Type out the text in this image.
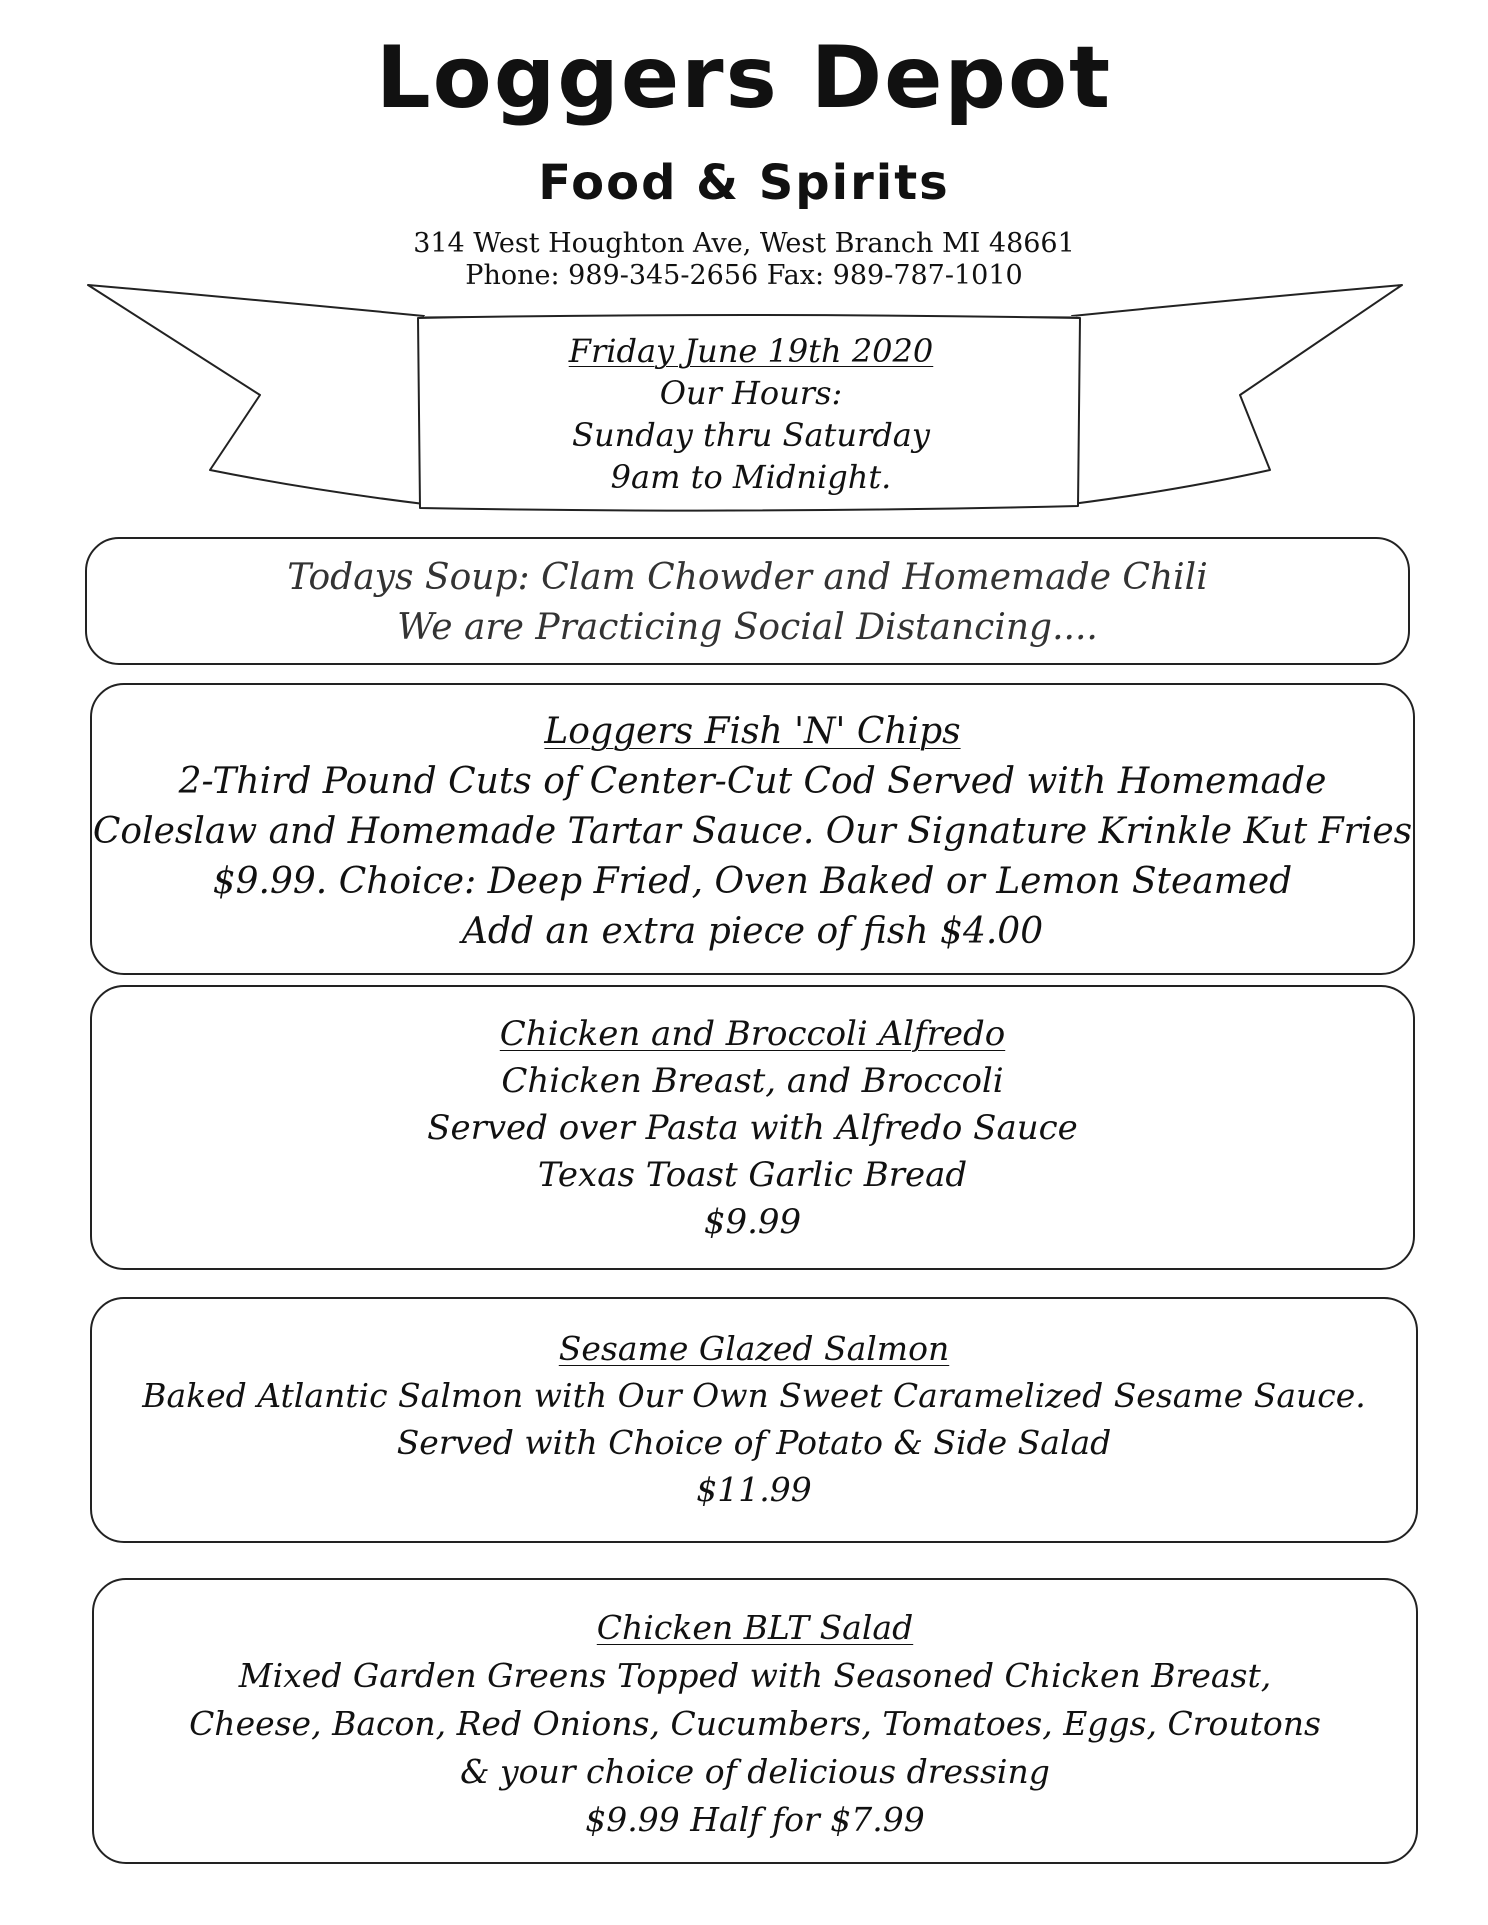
Loggers Depot
Food & Spirits
314 West Houghton Ave, West Branch MI 48661
Phone: 989-345-2656 Fax: 989-787-1010
Friday June 19th 2020
Our Hours:
Sunday thru Saturday
9am to Midnight.
Todays Soup: Clam Chowder and Homemade Chili
We are Practicing Social Distancing....
Loggers Fish 'N' Chips
2-Third Pound Cuts of Center-Cut Cod Served with Homemade
Coleslaw and Homemade Tartar Sauce. Our Signature Krinkle Kut Fries
$9.99. Choice: Deep Fried, Oven Baked or Lemon Steamed
Add an extra piece of fish $4.00
Chicken and Broccoli Alfredo
Chicken Breast, and Broccoli
Served over Pasta with Alfredo Sauce
Texas Toast Garlic Bread
$9.99
Sesame Glazed Salmon
Baked Atlantic Salmon with Our Own Sweet Caramelized Sesame Sauce.
Served with Choice of Potato & Side Salad
$11.99
Chicken BLT Salad
Mixed Garden Greens Topped with Seasoned Chicken Breast,
Cheese, Bacon, Red Onions, Cucumbers, Tomatoes, Eggs, Croutons
& your choice of delicious dressing
$9.99 Half for $7.99
